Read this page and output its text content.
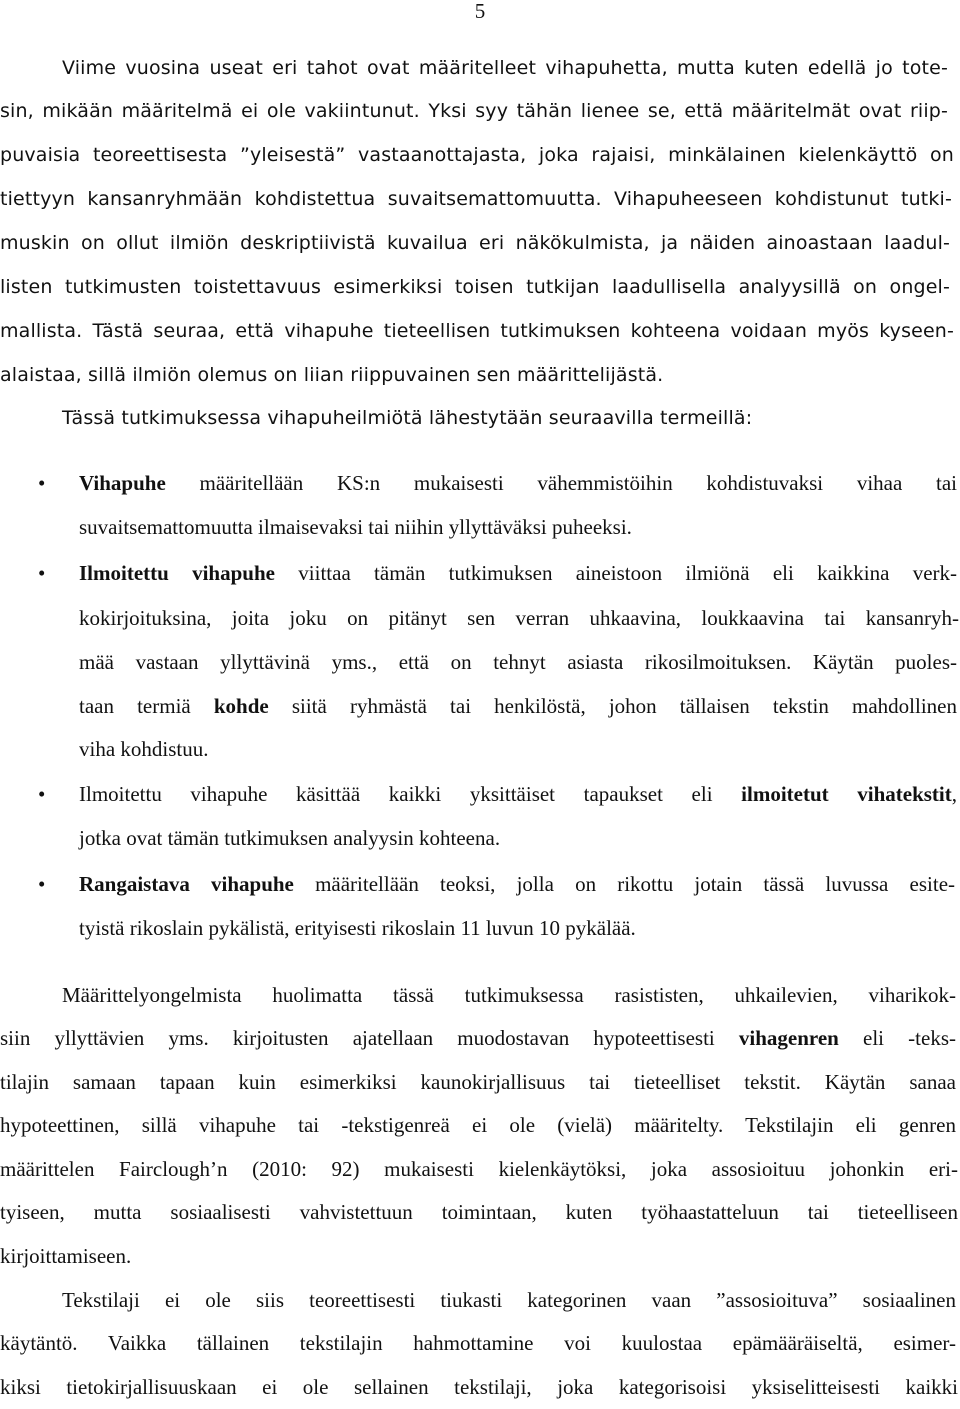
5
Viime vuosina useat eri tahot ovat määritelleet vihapuhetta, mutta kuten edellä jo tote-
sin, mikään määritelmä ei ole vakiintunut. Yksi syy tähän lienee se, että määritelmät ovat riip-
puvaisia teoreettisesta ”yleisestä” vastaanottajasta, joka rajaisi, minkälainen kielenkäyttö on
tiettyyn kansanryhmään kohdistettua suvaitsemattomuutta. Vihapuheeseen kohdistunut tutki-
muskin on ollut ilmiön deskriptiivistä kuvailua eri näkökulmista, ja näiden ainoastaan laadul-
listen tutkimusten toistettavuus esimerkiksi toisen tutkijan laadullisella analyysillä on ongel-
mallista. Tästä seuraa, että vihapuhe tieteellisen tutkimuksen kohteena voidaan myös kyseen-
alaistaa, sillä ilmiön olemus on liian riippuvainen sen määrittelijästä.
Tässä tutkimuksessa vihapuheilmiötä lähestytään seuraavilla termeillä:
•	Vihapuhe määritellään KS:n mukaisesti vähemmistöihin kohdistuvaksi vihaa tai
suvaitsemattomuutta ilmaisevaksi tai niihin yllyttäväksi puheeksi.
•	Ilmoitettu vihapuhe viittaa tämän tutkimuksen aineistoon ilmiönä eli kaikkina verk-
kokirjoituksina, joita joku on pitänyt sen verran uhkaavina, loukkaavina tai kansanryh-
mää vastaan yllyttävinä yms., että on tehnyt asiasta rikosilmoituksen. Käytän puoles-
taan termiä kohde siitä ryhmästä tai henkilöstä, johon tällaisen tekstin mahdollinen
viha kohdistuu.
•	Ilmoitettu vihapuhe käsittää kaikki yksittäiset tapaukset eli ilmoitetut vihatekstit,
jotka ovat tämän tutkimuksen analyysin kohteena.
•	Rangaistava vihapuhe määritellään teoksi, jolla on rikottu jotain tässä luvussa esite-
tyistä rikoslain pykälistä, erityisesti rikoslain 11 luvun 10 pykälää.
Määrittelyongelmista huolimatta tässä tutkimuksessa rasististen, uhkailevien, viharikok-
siin yllyttävien yms. kirjoitusten ajatellaan muodostavan hypoteettisesti vihagenren eli -teks-
tilajin samaan tapaan kuin esimerkiksi kaunokirjallisuus tai tieteelliset tekstit. Käytän sanaa
hypoteettinen, sillä vihapuhe tai -tekstigenreä ei ole (vielä) määritelty. Tekstilajin eli genren
määrittelen Fairclough’n (2010: 92) mukaisesti kielenkäytöksi, joka assosioituu johonkin eri-
tyiseen, mutta sosiaalisesti vahvistettuun toimintaan, kuten työhaastatteluun tai tieteelliseen
kirjoittamiseen.
Tekstilaji ei ole siis teoreettisesti tiukasti kategorinen vaan ”assosioituva” sosiaalinen
käytäntö. Vaikka tällainen tekstilajin hahmottamine voi kuulostaa epämääräiseltä, esimer-
kiksi tietokirjallisuuskaan ei ole sellainen tekstilaji, joka kategorisoisi yksiselitteisesti kaikki
